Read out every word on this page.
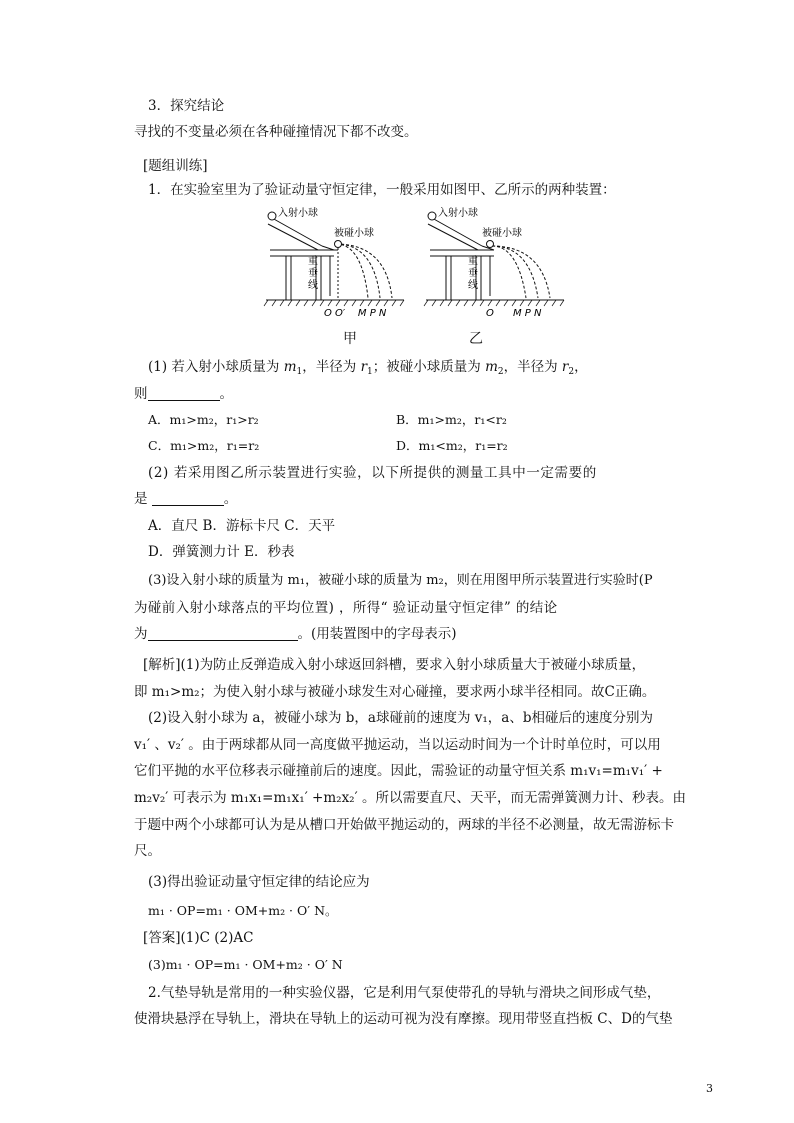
3．探究结论
寻找的不变量必须在各种碰撞情况下都不改变。
[题组训练]
1．在实验室里为了验证动量守恒定律，一般采用如图甲、乙所示的两种装置：
入射小球
被碰小球
重
垂
线
O O′    M P N
甲
入射小球
被碰小球
重
垂
线
O      M P N
乙
(1) 若入射小球质量为 $m_1$，半径为 $r_1$；被碰小球质量为 $m_2$，半径为 $r_2$，
则	。
A．m₁>m₂，r₁>r₂	B．m₁>m₂，r₁<r₂
C．m₁>m₂，r₁=r₂	D．m₁<m₂，r₁=r₂
(2) 若采用图乙所示装置进行实验，以下所提供的测量工具中一定需要的
是	。
A．直尺 B．游标卡尺 C．天平
D．弹簧测力计 E．秒表
(3)设入射小球的质量为 m₁，被碰小球的质量为 m₂，则在用图甲所示装置进行实验时(P
为碰前入射小球落点的平均位置) ，所得“ 验证动量守恒定律” 的结论
为	。(用装置图中的字母表示)
[解析](1)为防止反弹造成入射小球返回斜槽，要求入射小球质量大于被碰小球质量，
即 m₁>m₂；为使入射小球与被碰小球发生对心碰撞，要求两小球半径相同。故C正确。
(2)设入射小球为 a，被碰小球为 b，a球碰前的速度为 v₁，a、b相碰后的速度分别为
v₁′ 、v₂′ 。由于两球都从同一高度做平抛运动，当以运动时间为一个计时单位时，可以用
它们平抛的水平位移表示碰撞前后的速度。因此，需验证的动量守恒关系 m₁v₁=m₁v₁′ +
m₂v₂′ 可表示为 m₁x₁=m₁x₁′ +m₂x₂′ 。所以需要直尺、天平，而无需弹簧测力计、秒表。由
于题中两个小球都可认为是从槽口开始做平抛运动的，两球的半径不必测量，故无需游标卡
尺。
(3)得出验证动量守恒定律的结论应为
m₁ · OP=m₁ · OM+m₂ · O′ N。
[答案](1)C (2)AC
(3)m₁ · OP=m₁ · OM+m₂ · O′ N
2.气垫导轨是常用的一种实验仪器，它是利用气泵使带孔的导轨与滑块之间形成气垫，
使滑块悬浮在导轨上，滑块在导轨上的运动可视为没有摩擦。现用带竖直挡板 C、D的气垫
3
